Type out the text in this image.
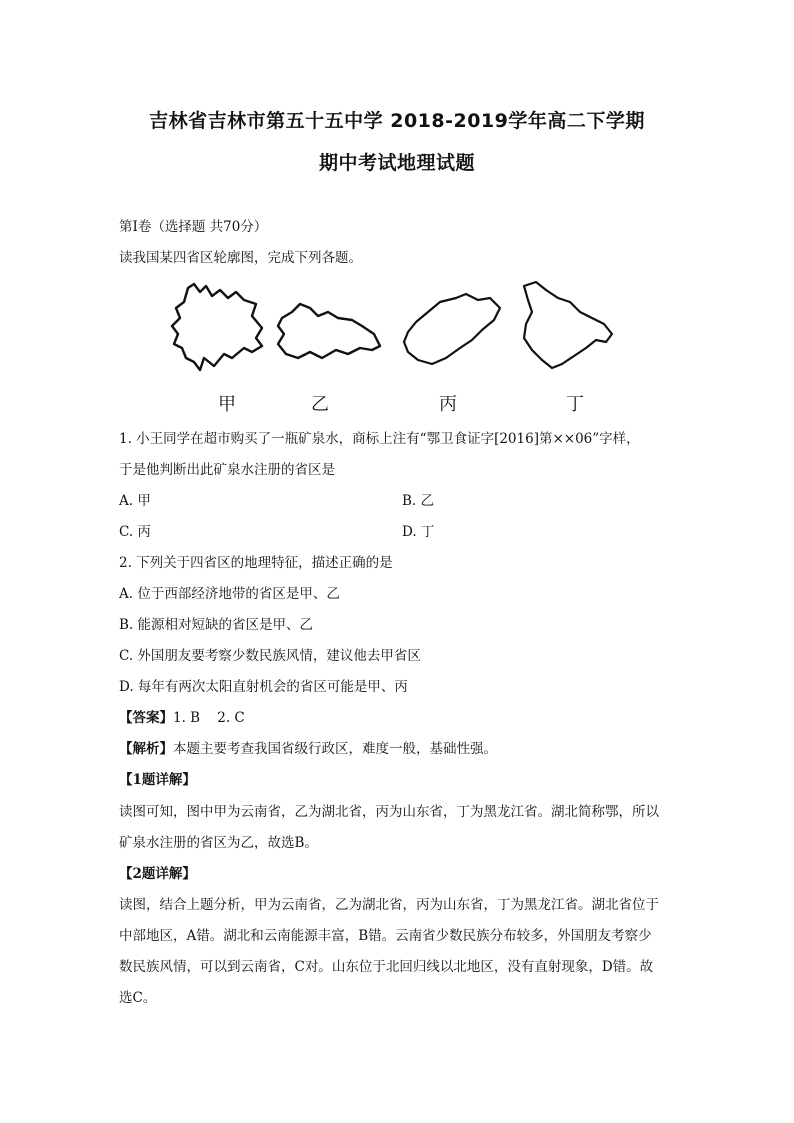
吉林省吉林市第五十五中学 2018-2019学年高二下学期
期中考试地理试题
第Ⅰ卷（选择题 共70分）
读我国某四省区轮廓图，完成下列各题。
甲	乙	丙	丁
1. 小王同学在超市购买了一瓶矿泉水，商标上注有“鄂卫食证字[2016]第××06”字样，
于是他判断出此矿泉水注册的省区是
A. 甲	B. 乙
C. 丙	D. 丁
2. 下列关于四省区的地理特征，描述正确的是
A. 位于西部经济地带的省区是甲、乙
B. 能源相对短缺的省区是甲、乙
C. 外国朋友要考察少数民族风情，建议他去甲省区
D. 每年有两次太阳直射机会的省区可能是甲、丙
【答案】1. B    2. C
【解析】本题主要考查我国省级行政区，难度一般，基础性强。
【1题详解】
读图可知，图中甲为云南省，乙为湖北省，丙为山东省，丁为黑龙江省。湖北简称鄂，所以
矿泉水注册的省区为乙，故选B。
【2题详解】
读图，结合上题分析，甲为云南省，乙为湖北省，丙为山东省，丁为黑龙江省。湖北省位于
中部地区，A错。湖北和云南能源丰富，B错。云南省少数民族分布较多，外国朋友考察少
数民族风情，可以到云南省，C对。山东位于北回归线以北地区，没有直射现象，D错。故
选C。
